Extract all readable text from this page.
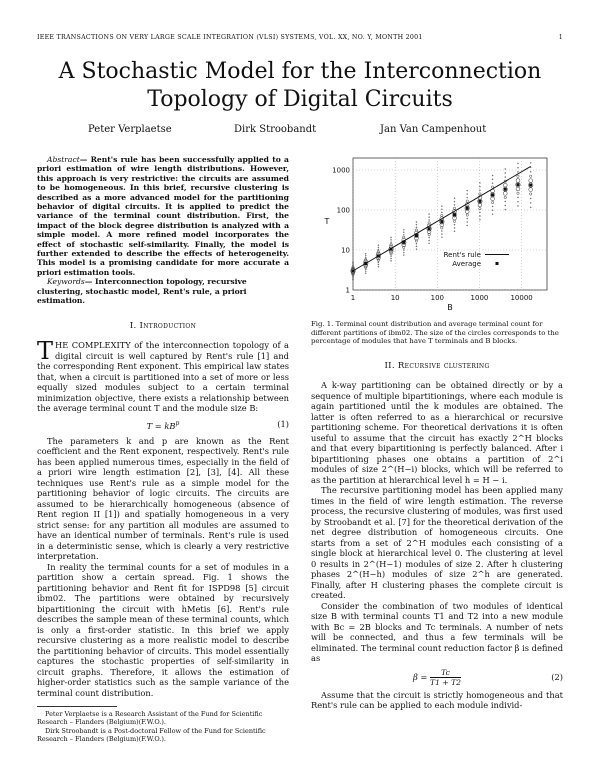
IEEE TRANSACTIONS ON VERY LARGE SCALE INTEGRATION (VLSI) SYSTEMS, VOL. XX, NO. Y, MONTH 2001	1
A Stochastic Model for the Interconnection
Topology of Digital Circuits
Peter Verplaetse	Dirk Stroobandt	Jan Van Campenhout

Abstract— Rent's rule has been successfully applied to a priori estimation of wire length distributions. However, this approach is very restrictive: the circuits are assumed to be homogeneous. In this brief, recursive clustering is described as a more advanced model for the partitioning behavior of digital circuits. It is applied to predict the variance of the terminal count distribution. First, the impact of the block degree distribution is analyzed with a simple model. A more refined model incorporates the effect of stochastic self-similarity. Finally, the model is further extended to describe the effects of heterogeneity. This model is a promising candidate for more accurate a priori estimation tools.

Keywords— Interconnection topology, recursive clustering, stochastic model, Rent's rule, a priori estimation.

I. Introduction

THE COMPLEXITY of the interconnection topology of a digital circuit is well captured by Rent's rule [1] and the corresponding Rent exponent. This empirical law states that, when a circuit is partitioned into a set of more or less equally sized modules subject to a certain terminal minimization objective, there exists a relationship between the average terminal count T and the module size B:

$T = kB^p$	(1)

The parameters k and p are known as the Rent coefficient and the Rent exponent, respectively. Rent's rule has been applied numerous times, especially in the field of a priori wire length estimation [2], [3], [4]. All these techniques use Rent's rule as a simple model for the partitioning behavior of logic circuits. The circuits are assumed to be hierarchically homogeneous (absence of Rent region II [1]) and spatially homogeneous in a very strict sense: for any partition all modules are assumed to have an identical number of terminals. Rent's rule is used in a deterministic sense, which is clearly a very restrictive interpretation.

In reality the terminal counts for a set of modules in a partition show a certain spread. Fig. 1 shows the partitioning behavior and Rent fit for ISPD98 [5] circuit ibm02. The partitions were obtained by recursively bipartitioning the circuit with hMetis [6]. Rent's rule describes the sample mean of these terminal counts, which is only a first-order statistic. In this brief we apply recursive clustering as a more realistic model to describe the partitioning behavior of circuits. This model essentially captures the stochastic properties of self-similarity in circuit graphs. Therefore, it allows the estimation of higher-order statistics such as the sample variance of the terminal count distribution.

Peter Verplaetse is a Research Assistant of the Fund for Scientific Research – Flanders (Belgium)(F.W.O.).

Dirk Stroobandt is a Post-doctoral Fellow of the Fund for Scientific Research – Flanders (Belgium)(F.W.O.).

1	10	100	1000	10000
1
10
100
1000
B
T
Rent's rule
Average

Fig. 1. Terminal count distribution and average terminal count for different partitions of ibm02. The size of the circles corresponds to the percentage of modules that have T terminals and B blocks.

II. Recursive clustering

A k-way partitioning can be obtained directly or by a sequence of multiple bipartitionings, where each module is again partitioned until the k modules are obtained. The latter is often referred to as a hierarchical or recursive partitioning scheme. For theoretical derivations it is often useful to assume that the circuit has exactly 2^H blocks and that every bipartitioning is perfectly balanced. After i bipartitioning phases one obtains a partition of 2^i modules of size 2^(H−i) blocks, which will be referred to as the partition at hierarchical level h = H − i.

The recursive partitioning model has been applied many times in the field of wire length estimation. The reverse process, the recursive clustering of modules, was first used by Stroobandt et al. [7] for the theoretical derivation of the net degree distribution of homogeneous circuits. One starts from a set of 2^H modules each consisting of a single block at hierarchical level 0. The clustering at level 0 results in 2^(H−1) modules of size 2. After h clustering phases 2^(H−h) modules of size 2^h are generated. Finally, after H clustering phases the complete circuit is created.

Consider the combination of two modules of identical size B with terminal counts T1 and T2 into a new module with Bc = 2B blocks and Tc terminals. A number of nets will be connected, and thus a few terminals will be eliminated. The terminal count reduction factor β is defined as

$\beta = \frac{Tc}{T1 + T2}$	(2)

Assume that the circuit is strictly homogeneous and that Rent's rule can be applied to each module individ-
